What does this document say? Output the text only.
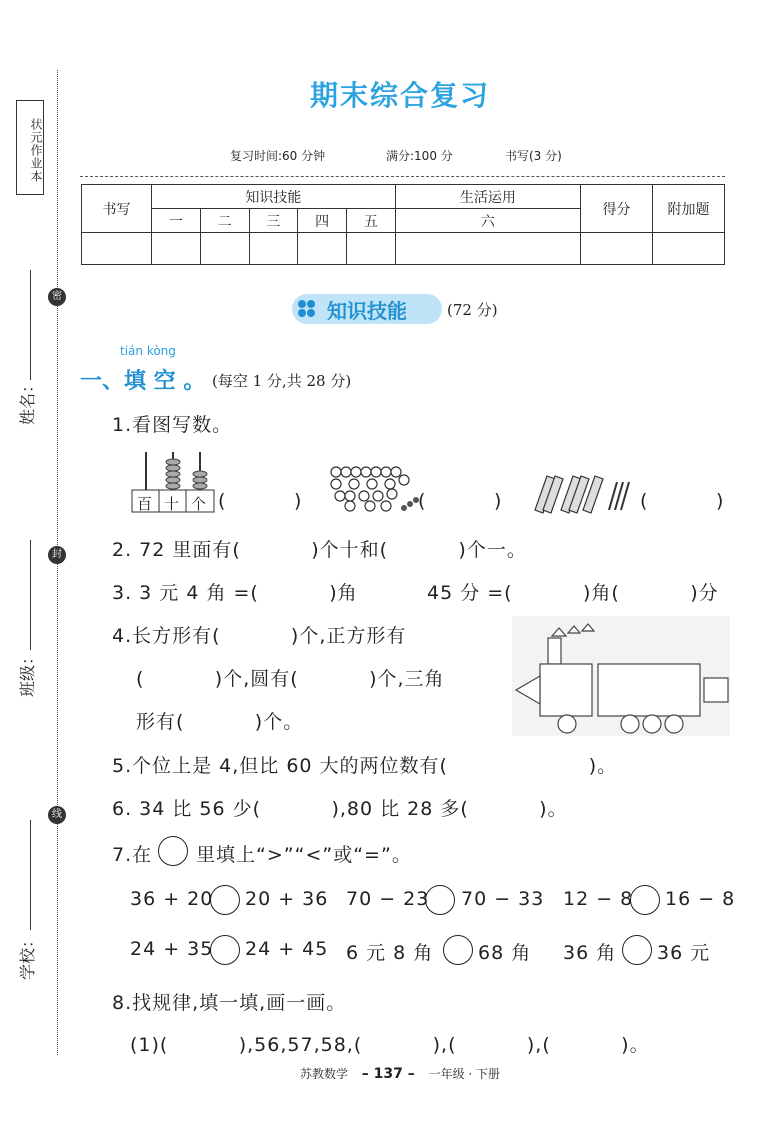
状元作业本
密
封
线
姓名：
班级：
学校：
期末综合复习
复习时间:60 分钟	满分:100 分	书写(3 分)
书写	知识技能					生活运用	得分	附加题
	一	二	三	四	五	六		

知识技能	(72 分)
tián kòng
一、填 空 。 (每空 1 分,共 28 分)
1.看图写数。
百 十 个 (	)	(	)	(	)
2. 72 里面有(          )个十和(          )个一。
3. 3 元 4 角 =(          )角	45 分 =(          )角(          )分
4.长方形有(          )个,正方形有
(          )个,圆有(          )个,三角
形有(          )个。
5.个位上是 4,但比 60 大的两位数有(                    )。
6. 34 比 56 少(          ),80 比 28 多(          )。
7.在 里填上“>”“<”或“=”。
36 + 20 20 + 36 70 − 23 70 − 33 12 − 8 16 − 8
24 + 35 24 + 45 6 元 8 角 68 角 36 角 36 元
8.找规律,填一填,画一画。
(1)(          ),56,57,58,(          ),(          ),(          )。
苏教数学 – 137 – 一年级 · 下册
